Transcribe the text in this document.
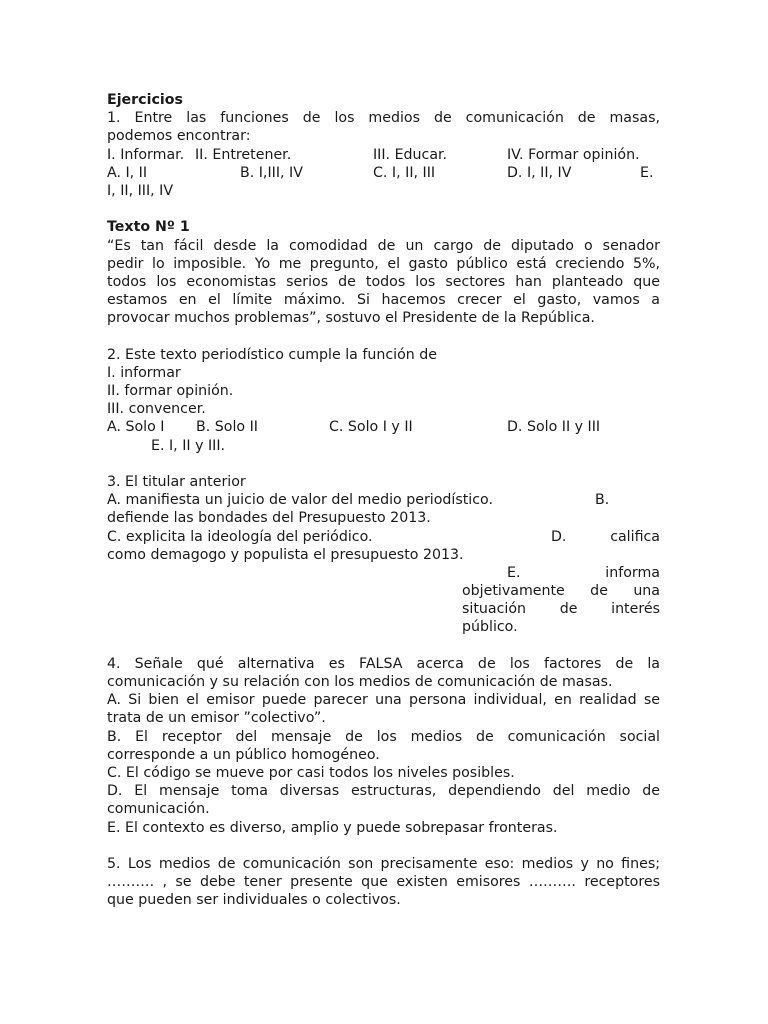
Ejercicios
1. Entre las funciones de los medios de comunicación de masas,
podemos encontrar:
I. Informar. II. Entretener.	III. Educar.	IV. Formar opinión.
A. I, II	B. I,III, IV	C. I, II, III	D. I, II, IV	E.
I, II, III, IV
Texto Nº 1
“Es tan fácil desde la comodidad de un cargo de diputado o senador
pedir lo imposible. Yo me pregunto, el gasto público está creciendo 5%,
todos los economistas serios de todos los sectores han planteado que
estamos en el límite máximo. Si hacemos crecer el gasto, vamos a
provocar muchos problemas”, sostuvo el Presidente de la República.
2. Este texto periodístico cumple la función de
I. informar
II. formar opinión.
III. convencer.
A. Solo I B. Solo II	C. Solo I y II	D. Solo II y III
E. I, II y III.
3. El titular anterior
A. manifiesta un juicio de valor del medio periodístico.	B.
defiende las bondades del Presupuesto 2013.
C. explicita la ideología del periódico.	D.	califica
como demagogo y populista el presupuesto 2013.
E. informa
objetivamente de una
situación de interés
público.
4. Señale qué alternativa es FALSA acerca de los factores de la
comunicación y su relación con los medios de comunicación de masas.
A. Si bien el emisor puede parecer una persona individual, en realidad se
trata de un emisor ”colectivo”.
B. El receptor del mensaje de los medios de comunicación social
corresponde a un público homogéneo.
C. El código se mueve por casi todos los niveles posibles.
D. El mensaje toma diversas estructuras, dependiendo del medio de
comunicación.
E. El contexto es diverso, amplio y puede sobrepasar fronteras.
5. Los medios de comunicación son precisamente eso: medios y no fines;
………. , se debe tener presente que existen emisores ………. receptores
que pueden ser individuales o colectivos.
